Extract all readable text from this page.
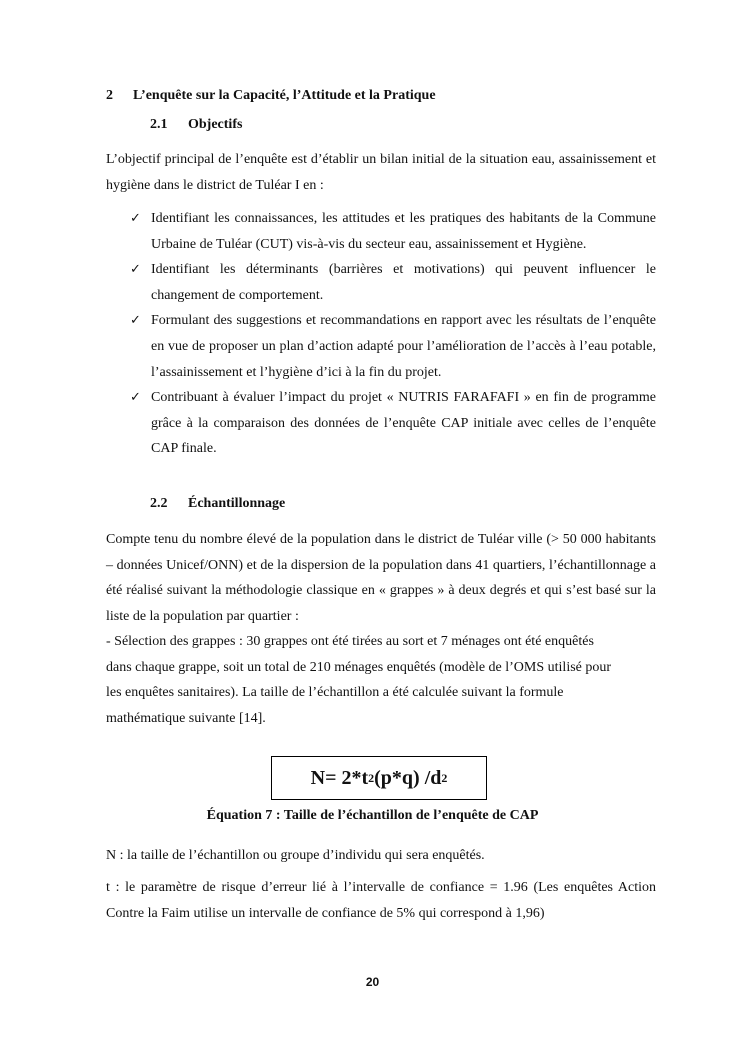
2 L’enquête sur la Capacité, l’Attitude et la Pratique
2.1 Objectifs
L’objectif principal de l’enquête est d’établir un bilan initial de la situation eau, assainissement et hygiène dans le district de Tuléar I en :
✓ Identifiant les connaissances, les attitudes et les pratiques des habitants de la Commune Urbaine de Tuléar (CUT) vis-à-vis du secteur eau, assainissement et Hygiène.
✓ Identifiant les déterminants (barrières et motivations) qui peuvent influencer le changement de comportement.
✓ Formulant des suggestions et recommandations en rapport avec les résultats de l’enquête en vue de proposer un plan d’action adapté pour l’amélioration de l’accès à l’eau potable, l’assainissement et l’hygiène d’ici à la fin du projet.
✓ Contribuant à évaluer l’impact du projet « NUTRIS FARAFAFI » en fin de programme grâce à la comparaison des données de l’enquête CAP initiale avec celles de l’enquête CAP finale.
2.2 Échantillonnage
Compte tenu du nombre élevé de la population dans le district de Tuléar ville (> 50 000 habitants – données Unicef/ONN) et de la dispersion de la population dans 41 quartiers, l’échantillonnage a été réalisé suivant la méthodologie classique en « grappes » à deux degrés et qui s’est basé sur la liste de la population par quartier :
- Sélection des grappes : 30 grappes ont été tirées au sort et 7 ménages ont été enquêtés
dans chaque grappe, soit un total de 210 ménages enquêtés (modèle de l’OMS utilisé pour
les enquêtes sanitaires). La taille de l’échantillon a été calculée suivant la formule
mathématique suivante [14].
N= 2*t 2 (p*q) /d 2
Équation 7 : Taille de l’échantillon de l’enquête de CAP
N : la taille de l’échantillon ou groupe d’individu qui sera enquêtés.
t : le paramètre de risque d’erreur lié à l’intervalle de confiance = 1.96 (Les enquêtes Action Contre la Faim utilise un intervalle de confiance de 5% qui correspond à 1,96)
20
